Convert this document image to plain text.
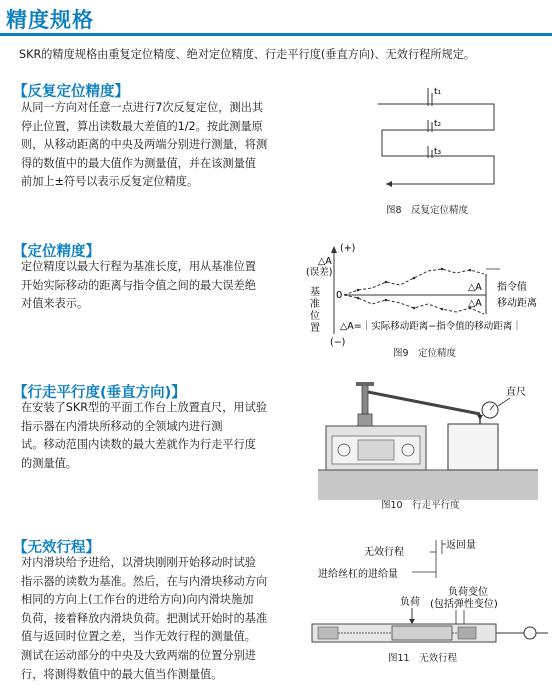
精度规格
SKR的精度规格由重复定位精度、绝对定位精度、行走平行度(垂直方向)、无效行程所规定。
【反复定位精度】
从同一方向对任意一点进行7次反复定位，测出其
停止位置，算出读数最大差值的1/2。按此测量原
则，从移动距离的中央及两端分别进行测量，将测
得的数值中的最大值作为测量值，并在该测量值
前加上±符号以表示反复定位精度。
t₁
t₂
t₃
图8　反复定位精度
【定位精度】
定位精度以最大行程为基准长度，用从基准位置
开始实际移动的距离与指令值之间的最大误差绝
对值来表示。
(+)
△A
(误差)
0
基
准
位
置
△A 指令值
△A 移动距离
△A=｜实际移动距离−指令值的移动距离｜
(−)
图9　定位精度
【行走平行度(垂直方向)】
在安装了SKR型的平面工作台上放置直尺，用试验
指示器在内滑块所移动的全领域内进行测
试。移动范围内读数的最大差就作为行走平行度
的测量值。
直尺
图10　行走平行度
【无效行程】
对内滑块给予进给，以滑块刚刚开始移动时试验
指示器的读数为基准。然后，在与内滑块移动方向
相同的方向上(工作台的进给方向)向内滑块施加
负荷，接着释放内滑块负荷。把测试开始时的基准
值与返回时位置之差，当作无效行程的测量值。
测试在运动部分的中央及大致两端的位置分别进
行，将测得数值中的最大值当作测量值。
无效行程
返回量
进给丝杠的进给量
负荷
负荷变位
(包括弹性变位)
图11　无效行程
